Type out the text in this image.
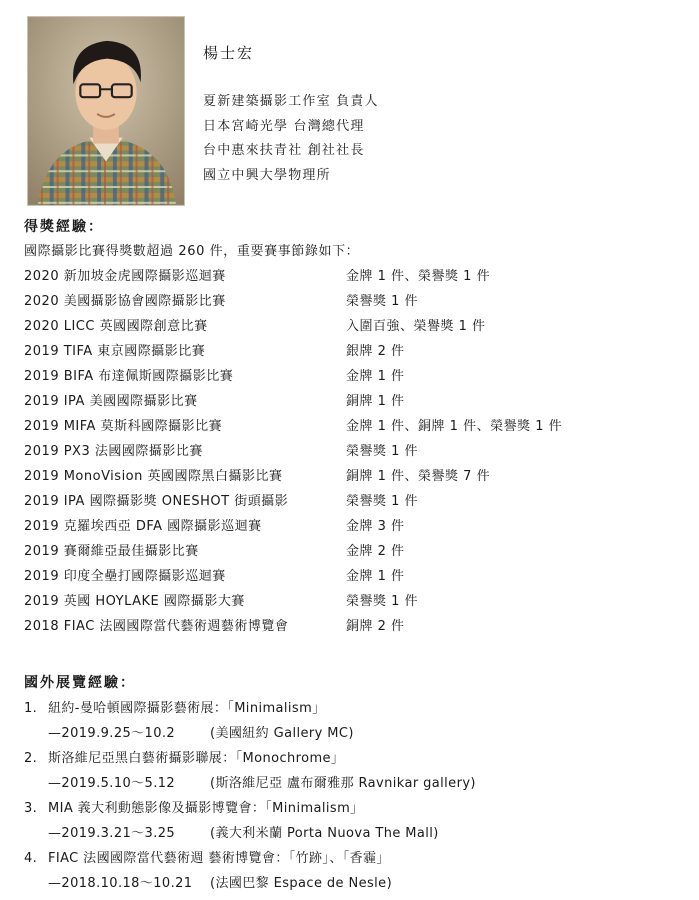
楊士宏
夏新建築攝影工作室 負責人
日本宮崎光學 台灣總代理
台中惠來扶青社 創社社長
國立中興大學物理所
得獎經驗：
國際攝影比賽得獎數超過 260 件，重要賽事節錄如下：
2020 新加坡金虎國際攝影巡迴賽	金牌 1 件、榮譽獎 1 件
2020 美國攝影協會國際攝影比賽	榮譽獎 1 件
2020 LICC 英國國際創意比賽	入圍百強、榮譽獎 1 件
2019 TIFA 東京國際攝影比賽	銀牌 2 件
2019 BIFA 布達佩斯國際攝影比賽	金牌 1 件
2019 IPA 美國國際攝影比賽	銅牌 1 件
2019 MIFA 莫斯科國際攝影比賽	金牌 1 件、銅牌 1 件、榮譽獎 1 件
2019 PX3 法國國際攝影比賽	榮譽獎 1 件
2019 MonoVision 英國國際黑白攝影比賽	銅牌 1 件、榮譽獎 7 件
2019 IPA 國際攝影獎 ONESHOT 街頭攝影	榮譽獎 1 件
2019 克羅埃西亞 DFA 國際攝影巡迴賽	金牌 3 件
2019 賽爾維亞最佳攝影比賽	金牌 2 件
2019 印度全壘打國際攝影巡迴賽	金牌 1 件
2019 英國 HOYLAKE 國際攝影大賽	榮譽獎 1 件
2018 FIAC 法國國際當代藝術週藝術博覽會	銅牌 2 件
國外展覽經驗：
1. 紐約-曼哈頓國際攝影藝術展：「Minimalism」
—2019.9.25～10.2	(美國紐約 Gallery MC)
2. 斯洛維尼亞黑白藝術攝影聯展：「Monochrome」
—2019.5.10～5.12	(斯洛維尼亞 盧布爾雅那 Ravnikar gallery)
3. MIA 義大利動態影像及攝影博覽會：「Minimalism」
—2019.3.21～3.25	(義大利米蘭 Porta Nuova The Mall)
4. FIAC 法國國際當代藝術週 藝術博覽會：「竹跡」、「香霾」
—2018.10.18～10.21 (法國巴黎 Espace de Nesle)
